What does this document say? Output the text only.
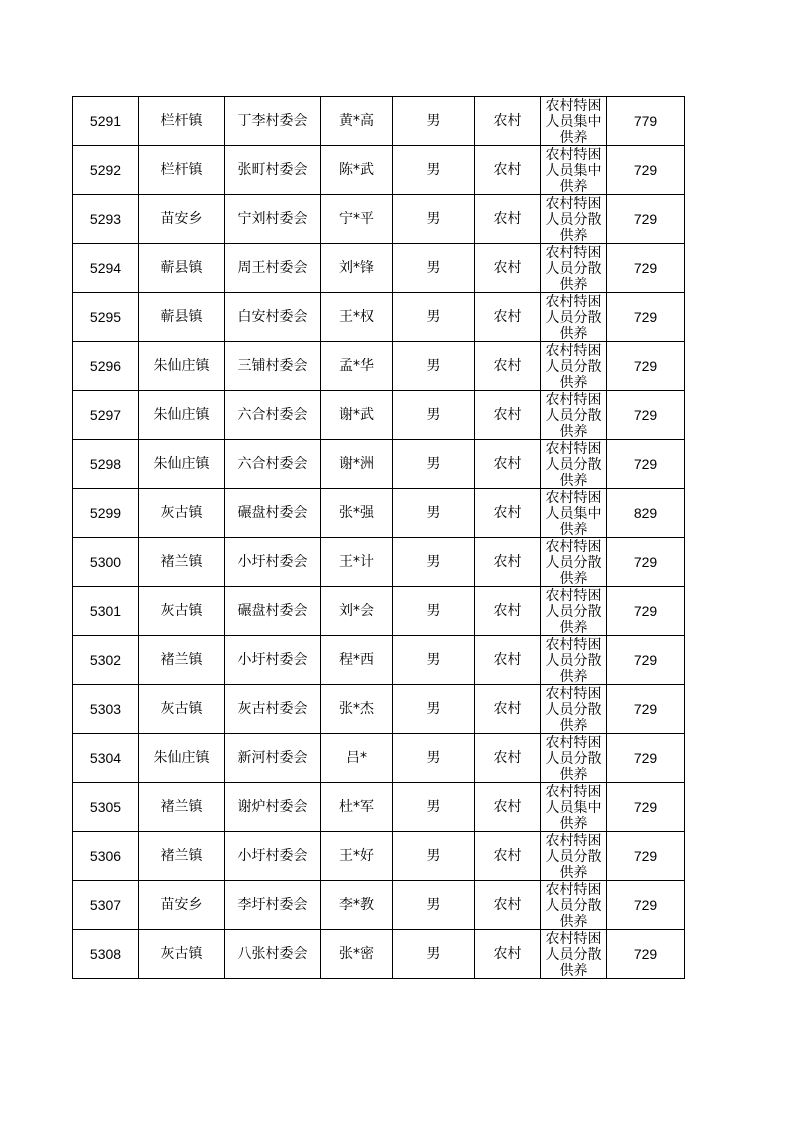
5291	栏杆镇	丁李村委会	黄*高	男	农村	农村特困人员集中供养	779
5292	栏杆镇	张町村委会	陈*武	男	农村	农村特困人员集中供养	729
5293	苗安乡	宁刘村委会	宁*平	男	农村	农村特困人员分散供养	729
5294	蕲县镇	周王村委会	刘*锋	男	农村	农村特困人员分散供养	729
5295	蕲县镇	白安村委会	王*权	男	农村	农村特困人员分散供养	729
5296	朱仙庄镇	三铺村委会	孟*华	男	农村	农村特困人员分散供养	729
5297	朱仙庄镇	六合村委会	谢*武	男	农村	农村特困人员分散供养	729
5298	朱仙庄镇	六合村委会	谢*洲	男	农村	农村特困人员分散供养	729
5299	灰古镇	碾盘村委会	张*强	男	农村	农村特困人员集中供养	829
5300	褚兰镇	小圩村委会	王*计	男	农村	农村特困人员分散供养	729
5301	灰古镇	碾盘村委会	刘*会	男	农村	农村特困人员分散供养	729
5302	褚兰镇	小圩村委会	程*西	男	农村	农村特困人员分散供养	729
5303	灰古镇	灰古村委会	张*杰	男	农村	农村特困人员分散供养	729
5304	朱仙庄镇	新河村委会	吕*	男	农村	农村特困人员分散供养	729
5305	褚兰镇	谢炉村委会	杜*军	男	农村	农村特困人员集中供养	729
5306	褚兰镇	小圩村委会	王*好	男	农村	农村特困人员分散供养	729
5307	苗安乡	李圩村委会	李*教	男	农村	农村特困人员分散供养	729
5308	灰古镇	八张村委会	张*密	男	农村	农村特困人员分散供养	729
